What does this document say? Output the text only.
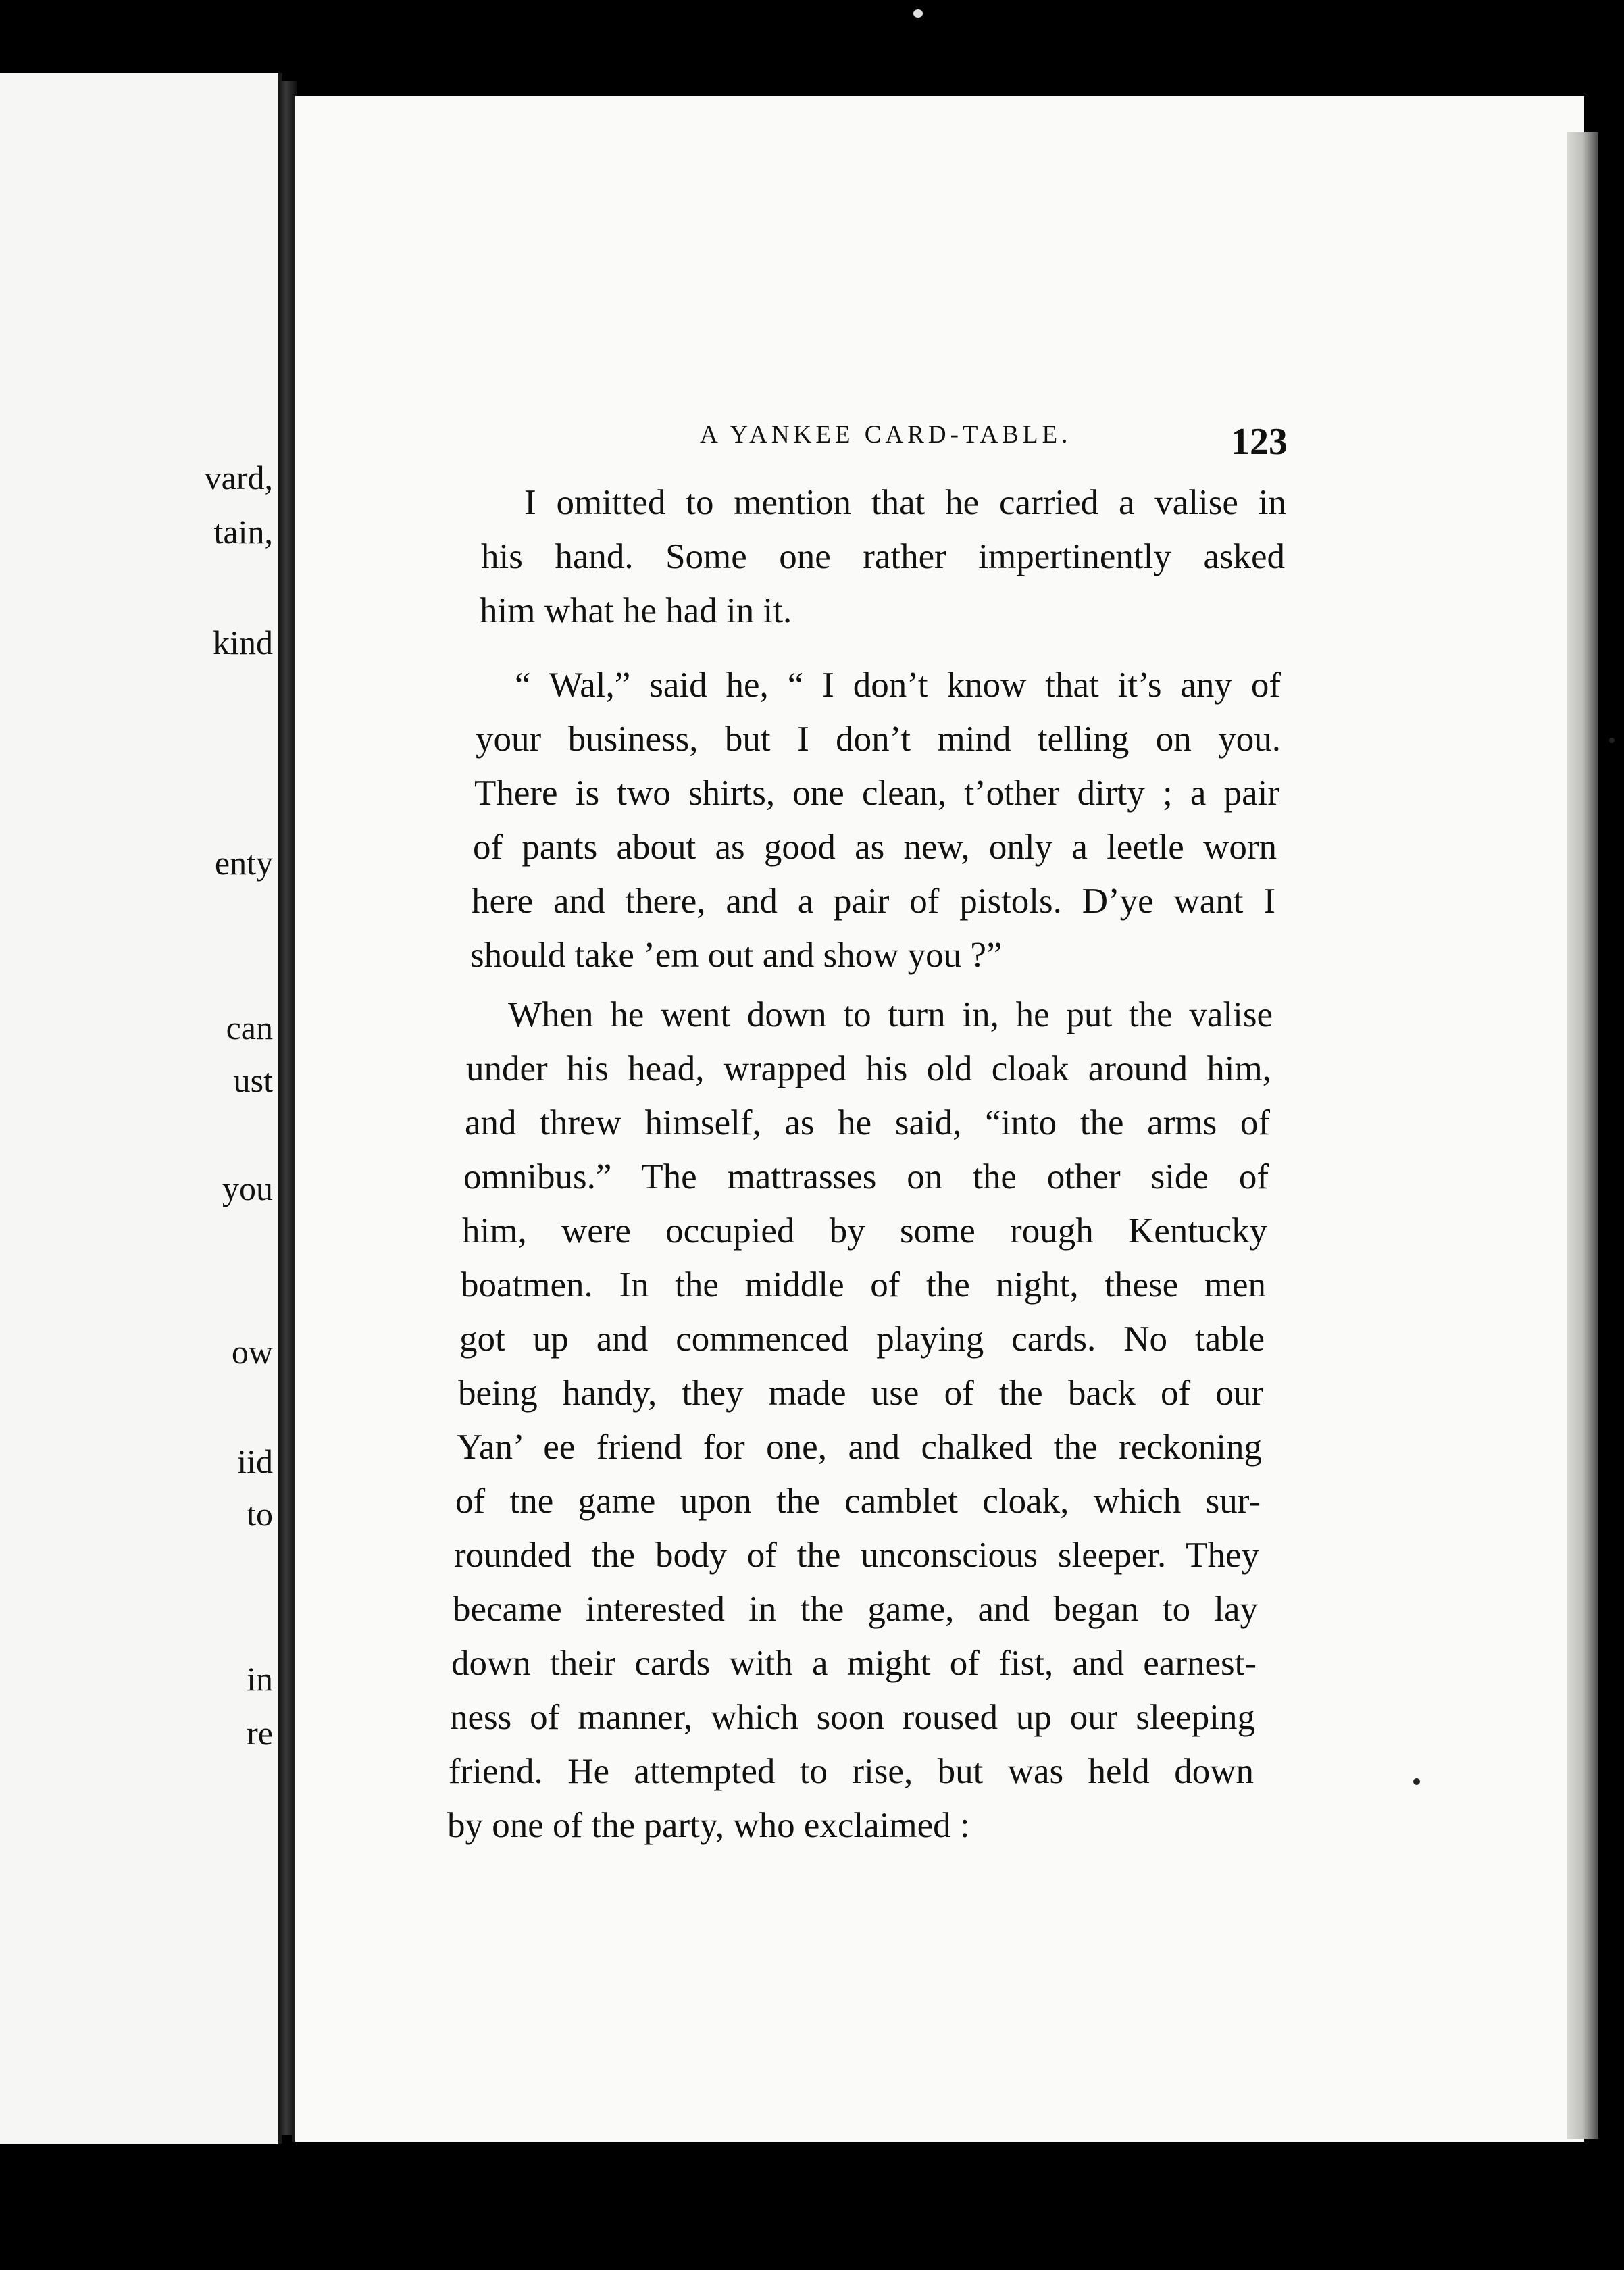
vard,
tain,
kind
enty
can
ust
you
ow
iid
to
in
re
A YANKEE CARD-TABLE.	123
I omitted to mention that he carried a valise in
his hand. Some one rather impertinently asked
him what he had in it.
“ Wal,” said he, “ I don’t know that it’s any of
your business, but I don’t mind telling on you.
There is two shirts, one clean, t’other dirty ; a pair
of pants about as good as new, only a leetle worn
here and there, and a pair of pistols. D’ye want I
should take ’em out and show you ?”
When he went down to turn in, he put the valise
under his head, wrapped his old cloak around him,
and threw himself, as he said, “into the arms of
omnibus.” The mattrasses on the other side of
him, were occupied by some rough Kentucky
boatmen. In the middle of the night, these men
got up and commenced playing cards. No table
being handy, they made use of the back of our
Yan’ ee friend for one, and chalked the reckoning
of tne game upon the camblet cloak, which sur-
rounded the body of the unconscious sleeper. They
became interested in the game, and began to lay
down their cards with a might of fist, and earnest-
ness of manner, which soon roused up our sleeping
friend. He attempted to rise, but was held down
by one of the party, who exclaimed :
